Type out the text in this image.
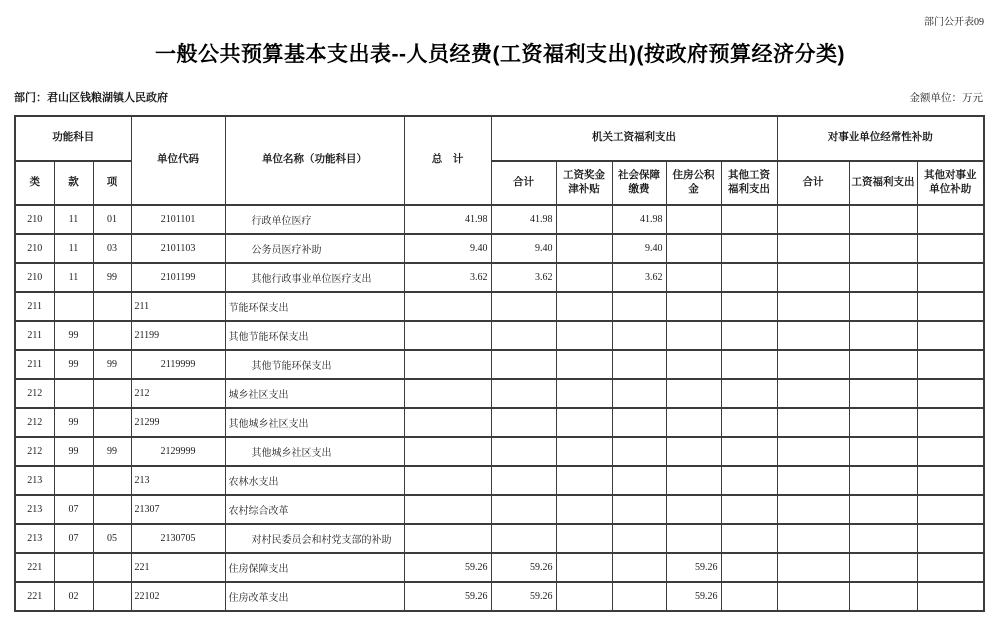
部门公开表09
一般公共预算基本支出表--人员经费(工资福利支出)(按政府预算经济分类)
部门：君山区钱粮湖镇人民政府	金额单位：万元
功能科目			单位代码	单位名称（功能科目）	总　计	机关工资福利支出					对事业单位经常性补助		
类	款	项				合计	工资奖金津补贴	社会保障缴费	住房公积金	其他工资福利支出	合计	工资福利支出	其他对事业单位补助
210	11	01	2101101	行政单位医疗	41.98	41.98		41.98					
210	11	03	2101103	公务员医疗补助	9.40	9.40		9.40					
210	11	99	2101199	其他行政事业单位医疗支出	3.62	3.62		3.62					
211			211	节能环保支出									
211	99		21199	其他节能环保支出									
211	99	99	2119999	其他节能环保支出									
212			212	城乡社区支出									
212	99		21299	其他城乡社区支出									
212	99	99	2129999	其他城乡社区支出									
213			213	农林水支出									
213	07		21307	农村综合改革									
213	07	05	2130705	对村民委员会和村党支部的补助									
221			221	住房保障支出	59.26	59.26			59.26				
221	02		22102	住房改革支出	59.26	59.26			59.26				
